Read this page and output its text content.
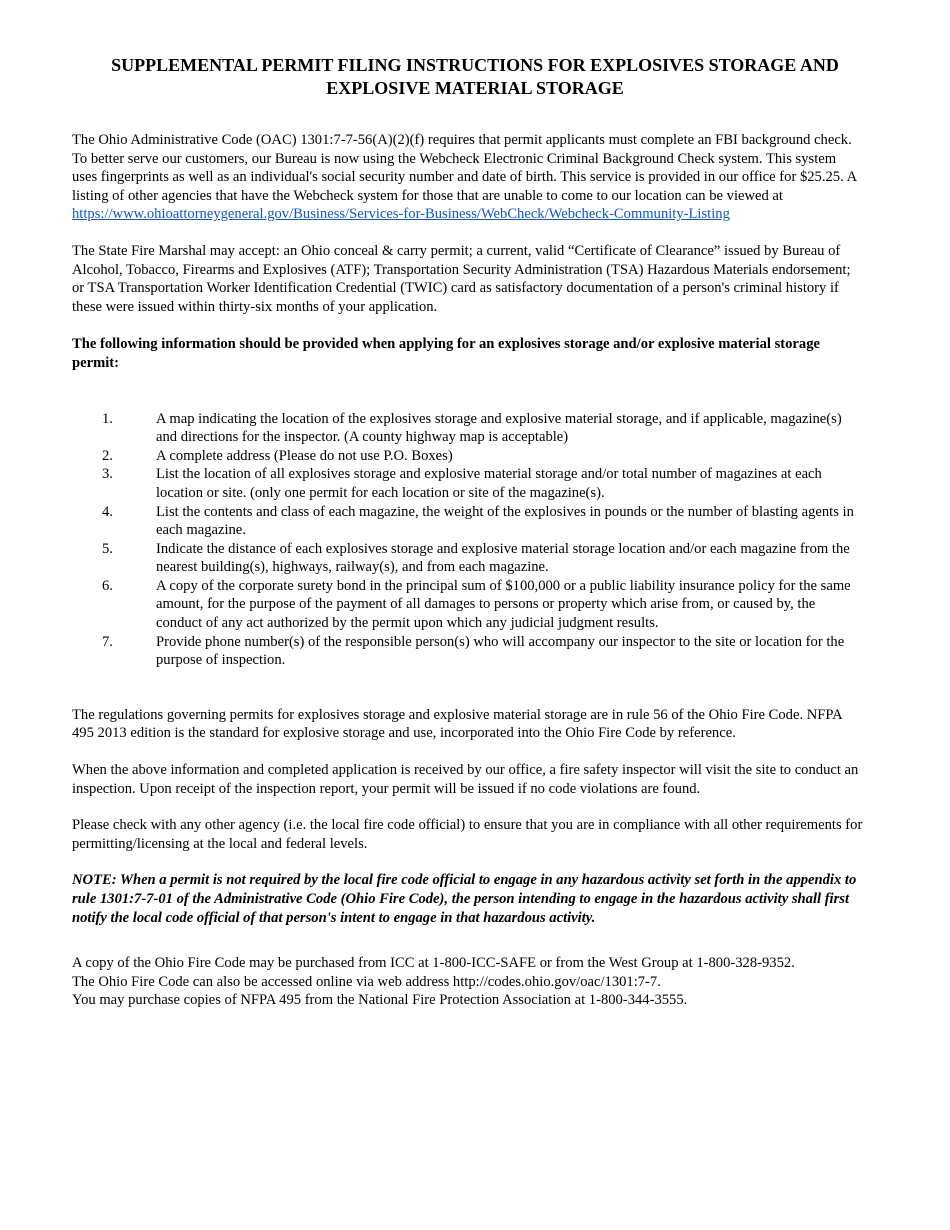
SUPPLEMENTAL PERMIT FILING INSTRUCTIONS FOR EXPLOSIVES STORAGE AND EXPLOSIVE MATERIAL STORAGE

The Ohio Administrative Code (OAC) 1301:7-7-56(A)(2)(f) requires that permit applicants must complete an FBI background check. To better serve our customers, our Bureau is now using the Webcheck Electronic Criminal Background Check system. This system uses fingerprints as well as an individual's social security number and date of birth. This service is provided in our office for $25.25. A listing of other agencies that have the Webcheck system for those that are unable to come to our location can be viewed at

https://www.ohioattorneygeneral.gov/Business/Services-for-Business/WebCheck/Webcheck-Community-Listing

The State Fire Marshal may accept: an Ohio conceal & carry permit; a current, valid “Certificate of Clearance” issued by Bureau of Alcohol, Tobacco, Firearms and Explosives (ATF); Transportation Security Administration (TSA) Hazardous Materials endorsement; or TSA Transportation Worker Identification Credential (TWIC) card as satisfactory documentation of a person's criminal history if these were issued within thirty-six months of your application.

The following information should be provided when applying for an explosives storage and/or explosive material storage permit:

1.	A map indicating the location of the explosives storage and explosive material storage, and if applicable, magazine(s) and directions for the inspector. (A county highway map is acceptable)
2.	A complete address (Please do not use P.O. Boxes)
3.	List the location of all explosives storage and explosive material storage and/or total number of magazines at each location or site. (only one permit for each location or site of the magazine(s).
4.	List the contents and class of each magazine, the weight of the explosives in pounds or the number of blasting agents in each magazine.
5.	Indicate the distance of each explosives storage and explosive material storage location and/or each magazine from the nearest building(s), highways, railway(s), and from each magazine.
6.	A copy of the corporate surety bond in the principal sum of $100,000 or a public liability insurance policy for the same amount, for the purpose of the payment of all damages to persons or property which arise from, or caused by, the conduct of any act authorized by the permit upon which any judicial judgment results.
7.	Provide phone number(s) of the responsible person(s) who will accompany our inspector to the site or location for the purpose of inspection.

The regulations governing permits for explosives storage and explosive material storage are in rule 56 of the Ohio Fire Code. NFPA 495 2013 edition is the standard for explosive storage and use, incorporated into the Ohio Fire Code by reference.

When the above information and completed application is received by our office, a fire safety inspector will visit the site to conduct an inspection. Upon receipt of the inspection report, your permit will be issued if no code violations are found.

Please check with any other agency (i.e. the local fire code official) to ensure that you are in compliance with all other requirements for permitting/licensing at the local and federal levels.

NOTE: When a permit is not required by the local fire code official to engage in any hazardous activity set forth in the appendix to rule 1301:7-7-01 of the Administrative Code (Ohio Fire Code), the person intending to engage in the hazardous activity shall first notify the local code official of that person's intent to engage in that hazardous activity.

A copy of the Ohio Fire Code may be purchased from ICC at 1-800-ICC-SAFE or from the West Group at 1-800-328-9352.

The Ohio Fire Code can also be accessed online via web address http://codes.ohio.gov/oac/1301:7-7.

You may purchase copies of NFPA 495 from the National Fire Protection Association at 1-800-344-3555.
